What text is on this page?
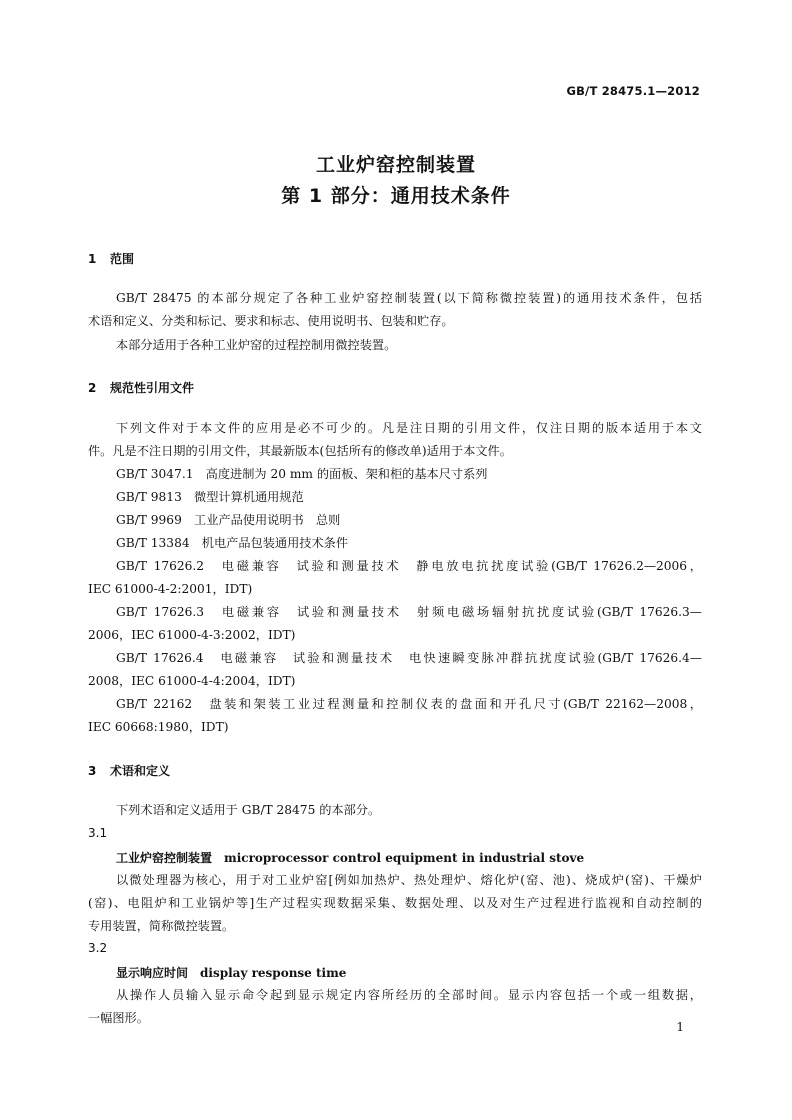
GB/T 28475.1—2012
工业炉窑控制装置
第 1 部分：通用技术条件
1 范围
GB/T 28475 的本部分规定了各种工业炉窑控制装置(以下简称微控装置)的通用技术条件，包括
术语和定义、分类和标记、要求和标志、使用说明书、包装和贮存。
本部分适用于各种工业炉窑的过程控制用微控装置。
2 规范性引用文件
下列文件对于本文件的应用是必不可少的。凡是注日期的引用文件，仅注日期的版本适用于本文
件。凡是不注日期的引用文件，其最新版本(包括所有的修改单)适用于本文件。
GB/T 3047.1　高度进制为 20 mm 的面板、架和柜的基本尺寸系列
GB/T 9813　微型计算机通用规范
GB/T 9969　工业产品使用说明书　总则
GB/T 13384　机电产品包装通用技术条件
GB/T 17626.2　电磁兼容　试验和测量技术　静电放电抗扰度试验(GB/T 17626.2—2006，
IEC 61000-4-2:2001，IDT)
GB/T 17626.3　电磁兼容　试验和测量技术　射频电磁场辐射抗扰度试验(GB/T 17626.3—
2006，IEC 61000-4-3:2002，IDT)
GB/T 17626.4　电磁兼容　试验和测量技术　电快速瞬变脉冲群抗扰度试验(GB/T 17626.4—
2008，IEC 61000-4-4:2004，IDT)
GB/T 22162　盘装和架装工业过程测量和控制仪表的盘面和开孔尺寸(GB/T 22162—2008，
IEC 60668:1980，IDT)
3 术语和定义
下列术语和定义适用于 GB/T 28475 的本部分。
3.1
工业炉窑控制装置 microprocessor control equipment in industrial stove
以微处理器为核心，用于对工业炉窑[例如加热炉、热处理炉、熔化炉(窑、池)、烧成炉(窑)、干燥炉
(窑)、电阻炉和工业锅炉等]生产过程实现数据采集、数据处理、以及对生产过程进行监视和自动控制的
专用装置，简称微控装置。
3.2
显示响应时间 display response time
从操作人员输入显示命令起到显示规定内容所经历的全部时间。显示内容包括一个或一组数据，
一幅图形。
1
